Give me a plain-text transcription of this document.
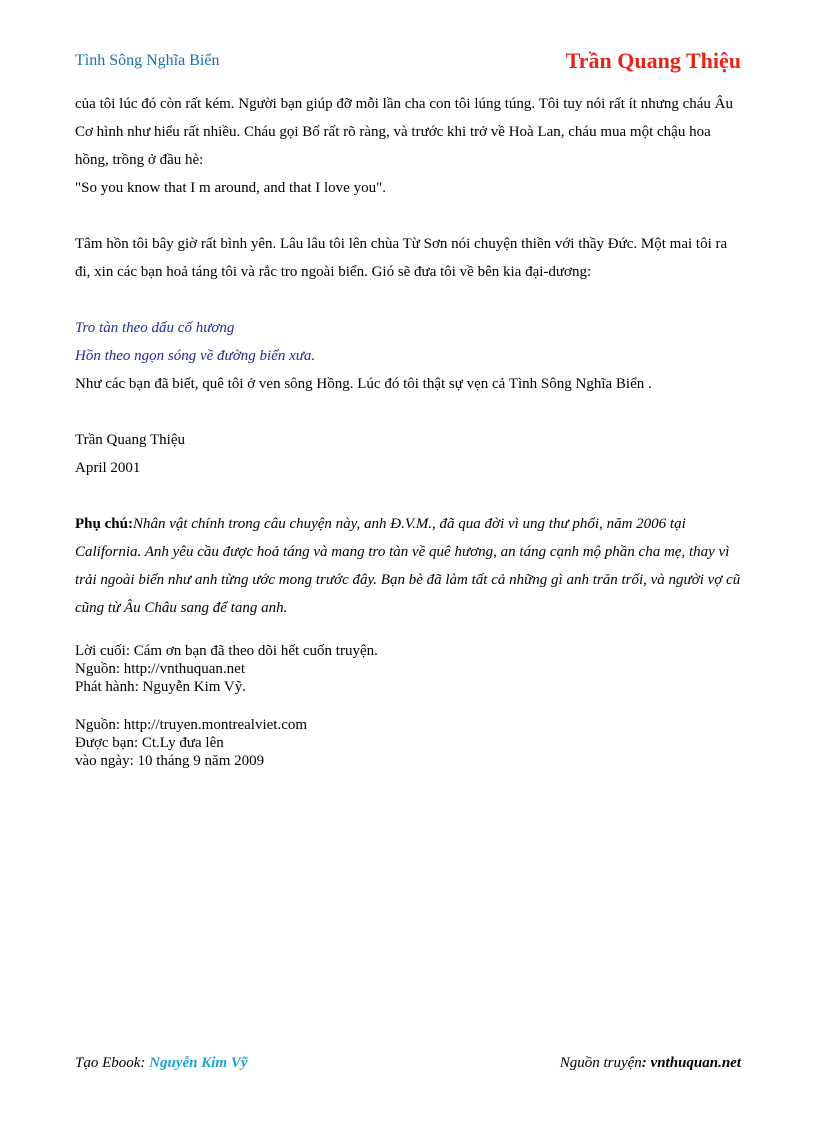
Tình Sông Nghĩa Biển	Trần Quang Thiệu

của tôi lúc đó còn rất kém. Người bạn giúp đỡ mỗi lần cha con tôi lúng túng. Tôi tuy nói rất ít nhưng cháu Âu Cơ hình như hiểu rất nhiều. Cháu gọi Bố rất rõ ràng, và trước khi trở về Hoà Lan, cháu mua một chậu hoa hồng, trồng ở đầu hè:

"So you know that I m around, and that I love you".

Tâm hồn tôi bây giờ rất bình yên. Lâu lâu tôi lên chùa Từ Sơn nói chuyện thiền với thầy Đức. Một mai tôi ra đi, xin các bạn hoả táng tôi và rắc tro ngoài biển. Gió sẽ đưa tôi về bên kia đại-dương:

Tro tàn theo dấu cố hương

Hồn theo ngọn sóng về đường biển xưa.

Như các bạn đã biết, quê tôi ở ven sông Hồng. Lúc đó tôi thật sự vẹn cả Tình Sông Nghĩa Biển .

Trần Quang Thiệu

April 2001

Phụ chú:Nhân vật chính trong câu chuyện này, anh Đ.V.M., đã qua đời vì ung thư phổi, năm 2006 tại California. Anh yêu cầu được hoả táng và mang tro tàn về quê hương, an táng cạnh mộ phần cha mẹ, thay vì trải ngoài biển như anh từng ước mong trước đây. Bạn bè đã làm tất cả những gì anh trăn trối, và người vợ cũ cũng từ Âu Châu sang để tang anh.

Lời cuối: Cám ơn bạn đã theo dõi hết cuốn truyện.

Nguồn: http://vnthuquan.net

Phát hành: Nguyễn Kim Vỹ.

Nguồn: http://truyen.montrealviet.com

Được bạn: Ct.Ly đưa lên

vào ngày: 10 tháng 9 năm 2009

Tạo Ebook: Nguyễn Kim Vỹ	Nguồn truyện: vnthuquan.net
